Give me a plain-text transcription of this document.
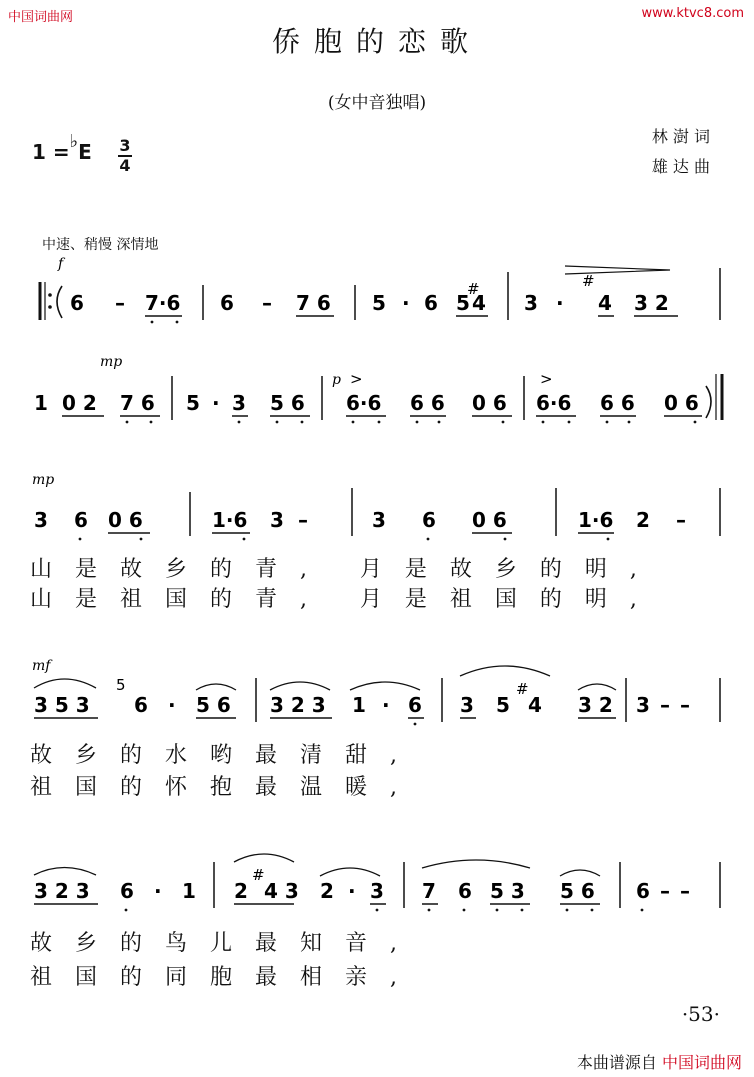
中国词曲网	www.ktvc8.com
侨胞的恋歌
(女中音独唱)
林 澍 词
雄 达 曲
1 =♭E 3
4
中速、稍慢 深情地
f
6 – 7·6 6 – 7 6 5 · 6 5
#
4 3 ·
#
4 3 2
mp
1 0 2 7 6 5 · 3 5 6
p >
6·6 6 6 0 6
>
6·6 6 6 0 6
mp
3 6 0 6	1·6 3 –	3 6 0 6	1·6 2 –
mf
3 5 3
5
6 · 5 6 3 2 3 1 · 6 3 5
#
4 3 2 3 – –
3 2 3 6 · 1 2
#
4 3 2 · 3 7 6 5 3 5 6 6 – –
山 是 故 乡 的 青 ,   月 是 故 乡 的 明 ,
山 是 祖 国 的 青 ,   月 是 祖 国 的 明 ,
故 乡 的 水 哟 最 清 甜 ,
祖 国 的 怀 抱 最 温 暖 ,
故 乡 的 鸟 儿 最 知 音 ,
祖 国 的 同 胞 最 相 亲 ,
·53·
本曲谱源自 中国词曲网
